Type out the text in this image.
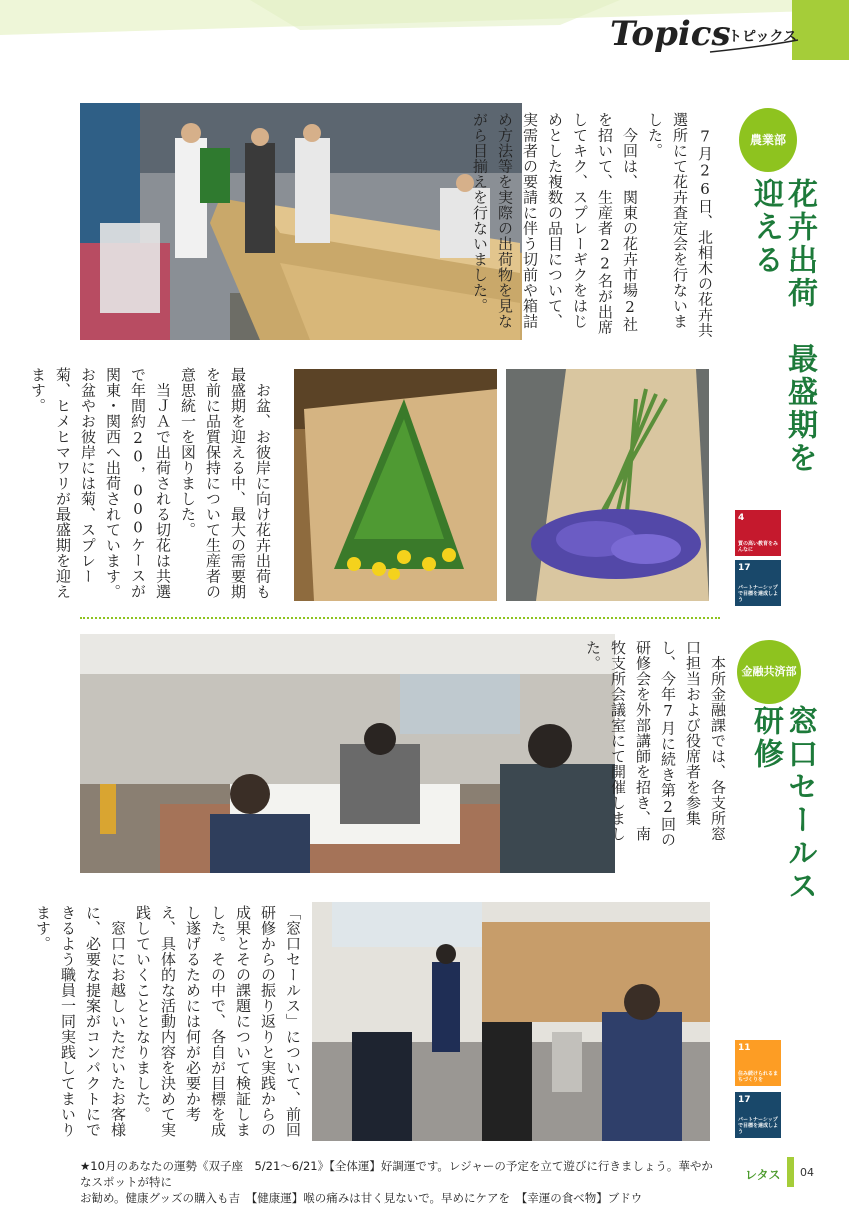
Topics
トピックス
農業部
花卉出荷　最盛期を迎える
　7月26日、北相木の花卉共選所にて花卉査定会を行ないました。
　今回は、関東の花卉市場2社を招いて、生産者22名が出席してキク、スプレーギクをはじめとした複数の品目について、実需者の要請に伴う切前や箱詰め方法等を実際の出荷物を見ながら目揃えを行ないました。
　お盆、お彼岸に向け花卉出荷も最盛期を迎える中、最大の需要期を前に品質保持について生産者の意思統一を図りました。
　当ＪＡで出荷される切花は共選で年間約20，000ケースが関東・関西へ出荷されています。お盆やお彼岸には菊、スプレー菊、ヒメヒマワリが最盛期を迎えます。
4
質の高い教育をみんなに
17
パートナーシップで目標を達成しよう
金融共済部
窓口セールス研修
　本所金融課では、各支所窓口担当および役席者を参集し、今年7月に続き第2回の研修会を外部講師を招き、南牧支所会議室にて開催しました。
「窓口セールス」について、前回研修からの振り返りと実践からの成果とその課題について検証しました。その中で、各自が目標を成し遂げるためには何が必要か考え、具体的な活動内容を決めて実践していくこととなりました。
　窓口にお越しいただいたお客様に、必要な提案がコンパクトにできるよう職員一同実践してまいります。
11
住み続けられるまちづくりを
17
パートナーシップで目標を達成しよう
★10月のあなたの運勢《双子座　5/21～6/21》【全体運】好調運です。レジャーの予定を立て遊びに行きましょう。華やかなスポットが特に
お勧め。健康グッズの購入も吉　【健康運】喉の痛みは甘く見ないで。早めにケアを　【幸運の食べ物】ブドウ
レタス 04
